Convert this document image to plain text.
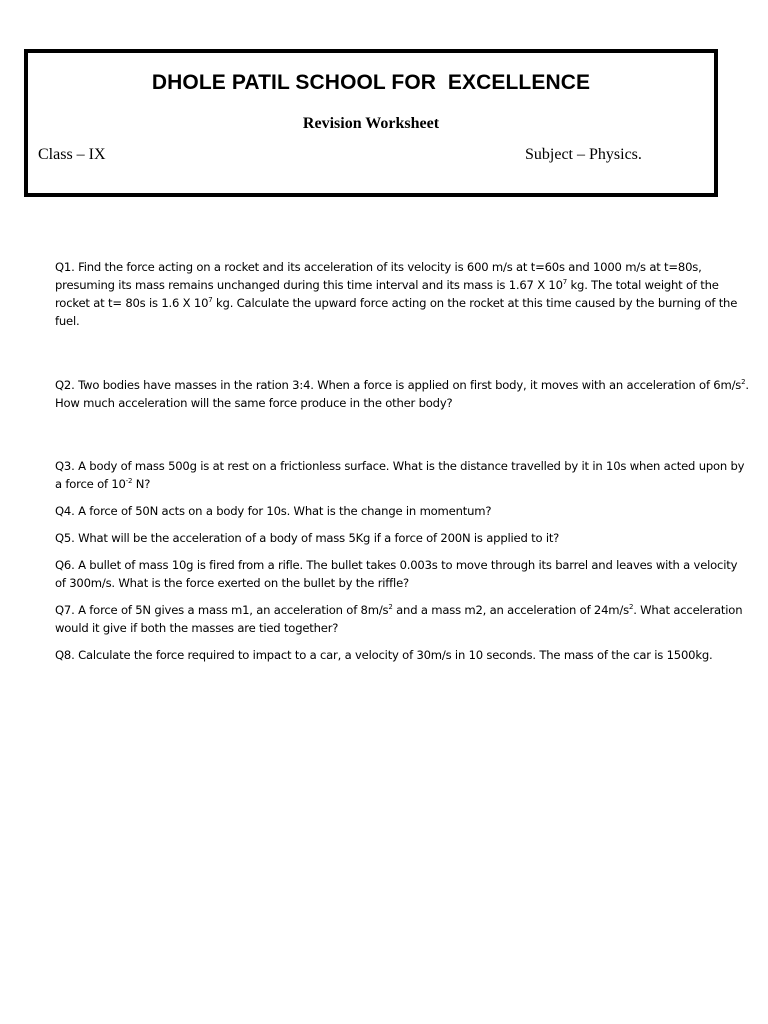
DHOLE PATIL SCHOOL FOR  EXCELLENCE
Revision Worksheet
Class – IX	Subject – Physics.

Q1. Find the force acting on a rocket and its acceleration of its velocity is 600 m/s at t=60s and 1000 m/s at t=80s, presuming its mass remains unchanged during this time interval and its mass is 1.67 X $10^7$ kg. The total weight of the rocket at t= 80s is 1.6 X $10^7$ kg. Calculate the upward force acting on the rocket at this time caused by the burning of the fuel.

Q2. Two bodies have masses in the ration 3:4. When a force is applied on first body, it moves with an acceleration of $6m/s^2$. How much acceleration will the same force produce in the other body?

Q3. A body of mass 500g is at rest on a frictionless surface. What is the distance travelled by it in 10s when acted upon by a force of $10^{-2}$ N?

Q4. A force of 50N acts on a body for 10s. What is the change in momentum?

Q5. What will be the acceleration of a body of mass 5Kg if a force of 200N is applied to it?

Q6. A bullet of mass 10g is fired from a rifle. The bullet takes 0.003s to move through its barrel and leaves with a velocity of 300m/s. What is the force exerted on the bullet by the riffle?

Q7. A force of 5N gives a mass m1, an acceleration of $8m/s^2$ and a mass m2, an acceleration of $24m/s^2$. What acceleration would it give if both the masses are tied together?

Q8. Calculate the force required to impact to a car, a velocity of 30m/s in 10 seconds. The mass of the car is 1500kg.
